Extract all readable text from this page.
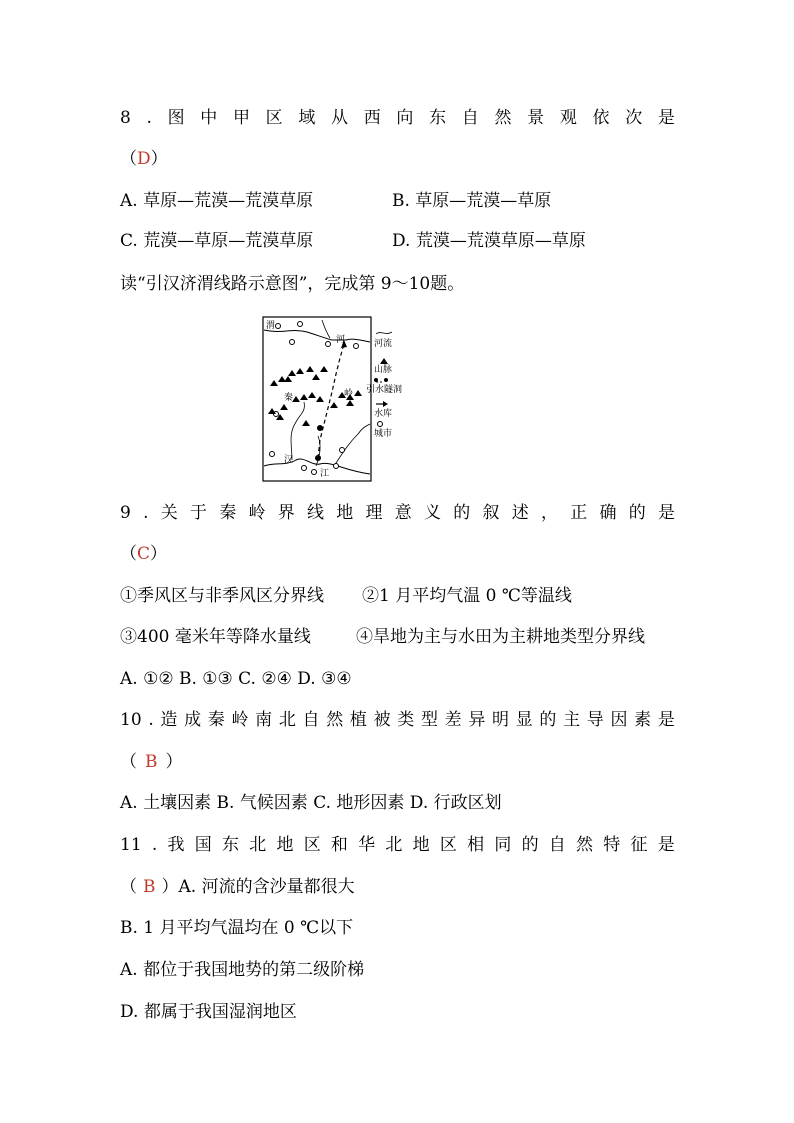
8 . 图 中 甲 区 域 从 西 向 东 自 然 景 观 依 次 是
（D）
A. 草原—荒漠—荒漠草原	B. 草原—荒漠—草原
C. 荒漠—草原—荒漠草原	D. 荒漠—荒漠草原—草原
读“引汉济渭线路示意图”，完成第 9～10题。
渭
河
秦	岭
汉
江
河流
山脉
引水隧洞
水库
城市
9 . 关 于 秦 岭 界 线 地 理 意 义 的 叙 述 ， 正 确 的 是
（C）
①季风区与非季风区分界线 ②1 月平均气温 0 ℃等温线
③400 毫米年等降水量线	④旱地为主与水田为主耕地类型分界线
A. ①② B. ①③ C. ②④ D. ③④
10 . 造 成 秦 岭 南 北 自 然 植 被 类 型 差 异 明 显 的 主 导 因 素 是
（ B ）
A. 土壤因素 B. 气候因素 C. 地形因素 D. 行政区划
11 . 我 国 东 北 地 区 和 华 北 地 区 相 同 的 自 然 特 征 是
（ B ）A. 河流的含沙量都很大
B. 1 月平均气温均在 0 ℃以下
A. 都位于我国地势的第二级阶梯
D. 都属于我国湿润地区
